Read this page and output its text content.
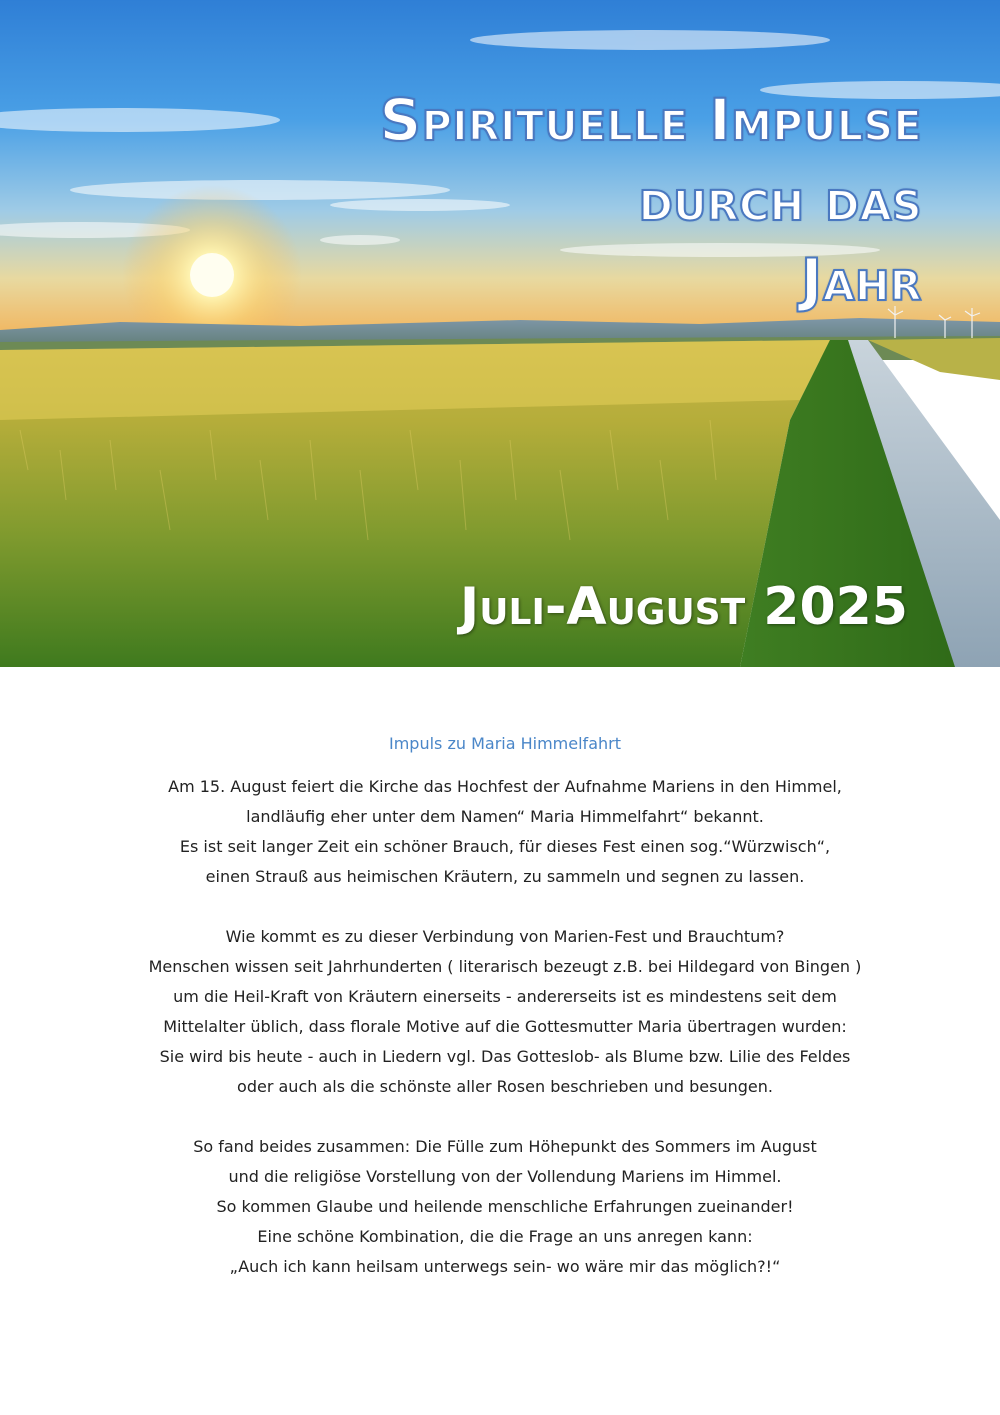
Spirituelle Impulse
durch das
Jahr
Juli-August 2025
Impuls zu Maria Himmelfahrt
Am 15. August feiert die Kirche das Hochfest der Aufnahme Mariens in den Himmel,
landläufig eher unter dem Namen“ Maria Himmelfahrt“ bekannt.
Es ist seit langer Zeit ein schöner Brauch, für dieses Fest einen sog.“Würzwisch“,
einen Strauß aus heimischen Kräutern, zu sammeln und segnen zu lassen.
Wie kommt es zu dieser Verbindung von Marien-Fest und Brauchtum?
Menschen wissen seit Jahrhunderten ( literarisch bezeugt z.B. bei Hildegard von Bingen )
um die Heil-Kraft von Kräutern einerseits - andererseits ist es mindestens seit dem
Mittelalter üblich, dass florale Motive auf die Gottesmutter Maria übertragen wurden:
Sie wird bis heute - auch in Liedern vgl. Das Gotteslob- als Blume bzw. Lilie des Feldes
oder auch als die schönste aller Rosen beschrieben und besungen.
So fand beides zusammen: Die Fülle zum Höhepunkt des Sommers im August
und die religiöse Vorstellung von der Vollendung Mariens im Himmel.
So kommen Glaube und heilende menschliche Erfahrungen zueinander!
Eine schöne Kombination, die die Frage an uns anregen kann:
„Auch ich kann heilsam unterwegs sein- wo wäre mir das möglich?!“
